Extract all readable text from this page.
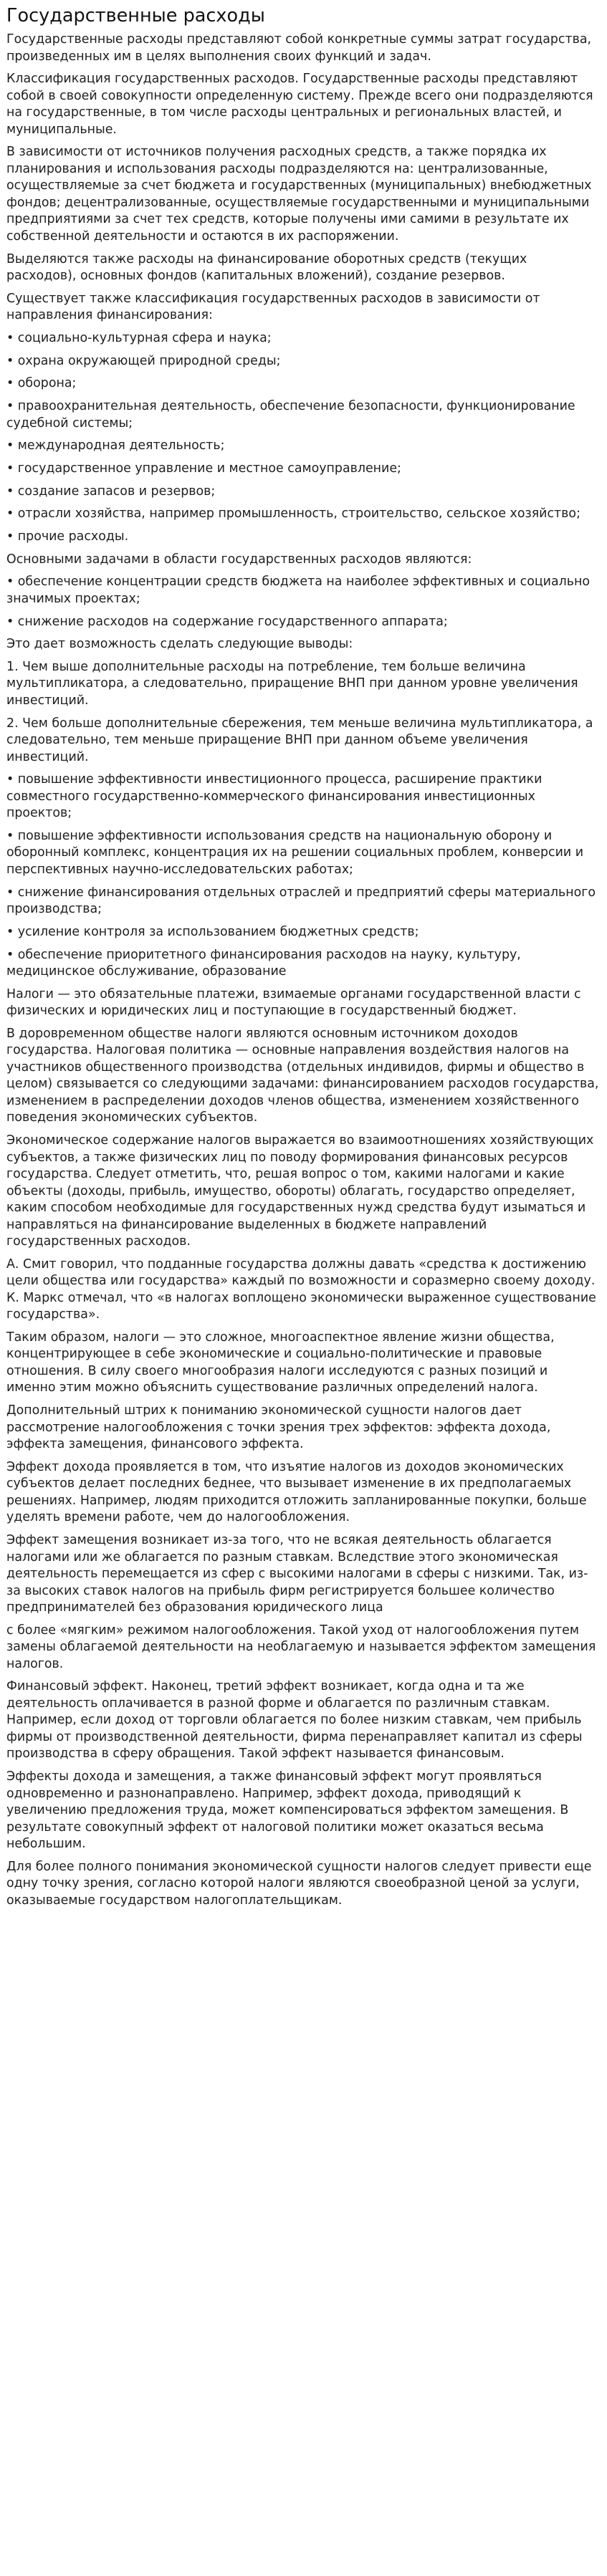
Государственные расходы

Государственные расходы представляют собой конкретные суммы затрат государства, произведенных им в целях выполнения своих функций и задач.

Классификация государственных расходов. Государственные расходы представляют собой в своей совокупности определенную систему. Прежде всего они подразделяются на государственные, в том числе расходы центральных и региональных властей, и муниципальные.

В зависимости от источников получения расходных средств, а также порядка их планирования и использования расходы подразделяются на: централизованные, осуществляемые за счет бюджета и государственных (муниципальных) внебюджетных фондов; децентрализованные, осуществляемые государственными и муниципальными предприятиями за счет тех средств, которые получены ими самими в результате их собственной деятельности и остаются в их распоряжении.

Выделяются также расходы на финансирование оборотных средств (текущих расходов), основных фондов (капитальных вложений), создание резервов.

Существует также классификация государственных расходов в зависимости от направления финансирования:

• социально-культурная сфера и наука;

• охрана окружающей природной среды;

• оборона;

• правоохранительная деятельность, обеспечение безопасности, функционирование судебной системы;

• международная деятельность;

• государственное управление и местное самоуправление;

• создание запасов и резервов;

• отрасли хозяйства, например промышленность, строительство, сельское хозяйство;

• прочие расходы.

Основными задачами в области государственных расходов являются:

• обеспечение концентрации средств бюджета на наиболее эффективных и социально значимых проектах;

• снижение расходов на содержание государственного аппарата;

Это дает возможность сделать следующие выводы:

1. Чем выше дополнительные расходы на потребление, тем больше величина мультипликатора, а следовательно, приращение ВНП при данном уровне увеличения инвестиций.

2. Чем больше дополнительные сбережения, тем меньше величина мультипликатора, а следовательно, тем меньше приращение ВНП при данном объеме увеличения инвестиций.

• повышение эффективности инвестиционного процесса, расширение практики совместного государственно-коммерческого финансирования инвестиционных проектов;

• повышение эффективности использования средств на национальную оборону и оборонный комплекс, концентрация их на решении социальных проблем, конверсии и перспективных научно-исследовательских работах;

• снижение финансирования отдельных отраслей и предприятий сферы материального производства;

• усиление контроля за использованием бюджетных средств;

• обеспечение приоритетного финансирования расходов на науку, культуру, медицинское обслуживание, образование

Налоги — это обязательные платежи, взимаемые органами государственной власти с физических и юридических лиц и поступающие в государственный бюджет.

В доровременном обществе налоги являются основным источником доходов государства. Налоговая политика — основные направления воздействия налогов на участников общественного производства (отдельных индивидов, фирмы и общество в целом) связывается со следующими задачами: финансированием расходов государства, изменением в распределении доходов членов общества, изменением хозяйственного поведения экономических субъектов.

Экономическое содержание налогов выражается во взаимоотношениях хозяйствующих субъектов, а также физических лиц по поводу формирования финансовых ресурсов государства. Следует отметить, что, решая вопрос о том, какими налогами и какие объекты (доходы, прибыль, имущество, обороты) облагать, государство определяет, каким способом необходимые для государственных нужд средства будут изыматься и направляться на финансирование выделенных в бюджете направлений государственных расходов.

А. Смит говорил, что подданные государства должны давать «средства к достижению цели общества или государства» каждый по возможности и соразмерно своему доходу. К. Маркс отмечал, что «в налогах воплощено экономически выраженное существование государства».

Таким образом, налоги — это сложное, многоаспектное явление жизни общества, концентрирующее в себе экономические и социально-политические и правовые отношения. В силу своего многообразия налоги исследуются с разных позиций и именно этим можно объяснить существование различных определений налога.

Дополнительный штрих к пониманию экономической сущности налогов дает рассмотрение налогообложения с точки зрения трех эффектов: эффекта дохода, эффекта замещения, финансового эффекта.

Эффект дохода проявляется в том, что изъятие налогов из доходов экономических субъектов делает последних беднее, что вызывает изменение в их предполагаемых решениях. Например, людям приходится отложить запланированные покупки, больше уделять времени работе, чем до налогообложения.

Эффект замещения возникает из-за того, что не всякая деятельность облагается налогами или же облагается по разным ставкам. Вследствие этого экономическая деятельность перемещается из сфер с высокими налогами в сферы с низкими. Так, из-за высоких ставок налогов на прибыль фирм регистрируется большее количество предпринимателей без образования юридического лица

с более «мягким» режимом налогообложения. Такой уход от налогообложения путем замены облагаемой деятельности на необлагаемую и называется эффектом замещения налогов.

Финансовый эффект. Наконец, третий эффект возникает, когда одна и та же деятельность оплачивается в разной форме и облагается по различным ставкам. Например, если доход от торговли облагается по более низким ставкам, чем прибыль фирмы от производственной деятельности, фирма перенаправляет капитал из сферы производства в сферу обращения. Такой эффект называется финансовым.

Эффекты дохода и замещения, а также финансовый эффект могут проявляться одновременно и разнонаправлено. Например, эффект дохода, приводящий к увеличению предложения труда, может компенсироваться эффектом замещения. В результате совокупный эффект от налоговой политики может оказаться весьма небольшим.

Для более полного понимания экономической сущности налогов следует привести еще одну точку зрения, согласно которой налоги являются своеобразной ценой за услуги, оказываемые государством налогоплательщикам.
